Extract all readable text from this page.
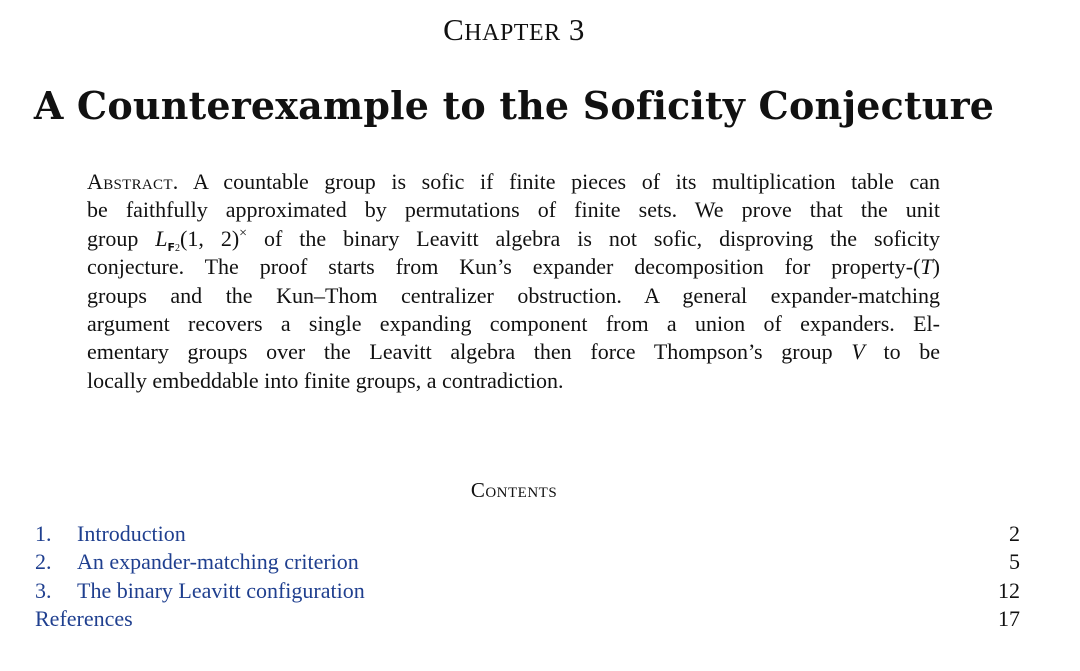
CHAPTER 3
A Counterexample to the Soficity Conjecture
Abstract. A countable group is sofic if finite pieces of its multiplication table can
be faithfully approximated by permutations of finite sets. We prove that the unit
group $L_{F2}(1$, 2)× of the binary Leavitt algebra is not sofic, disproving the soficity
conjecture. The proof starts from Kun’s expander decomposition for property-(T)
groups and the Kun–Thom centralizer obstruction. A general expander-matching
argument recovers a single expanding component from a union of expanders. El-
ementary groups over the Leavitt algebra then force Thompson’s group V to be
locally embeddable into finite groups, a contradiction.
Contents
1. Introduction	2
2. An expander-matching criterion	5
3. The binary Leavitt configuration	12
References	17
